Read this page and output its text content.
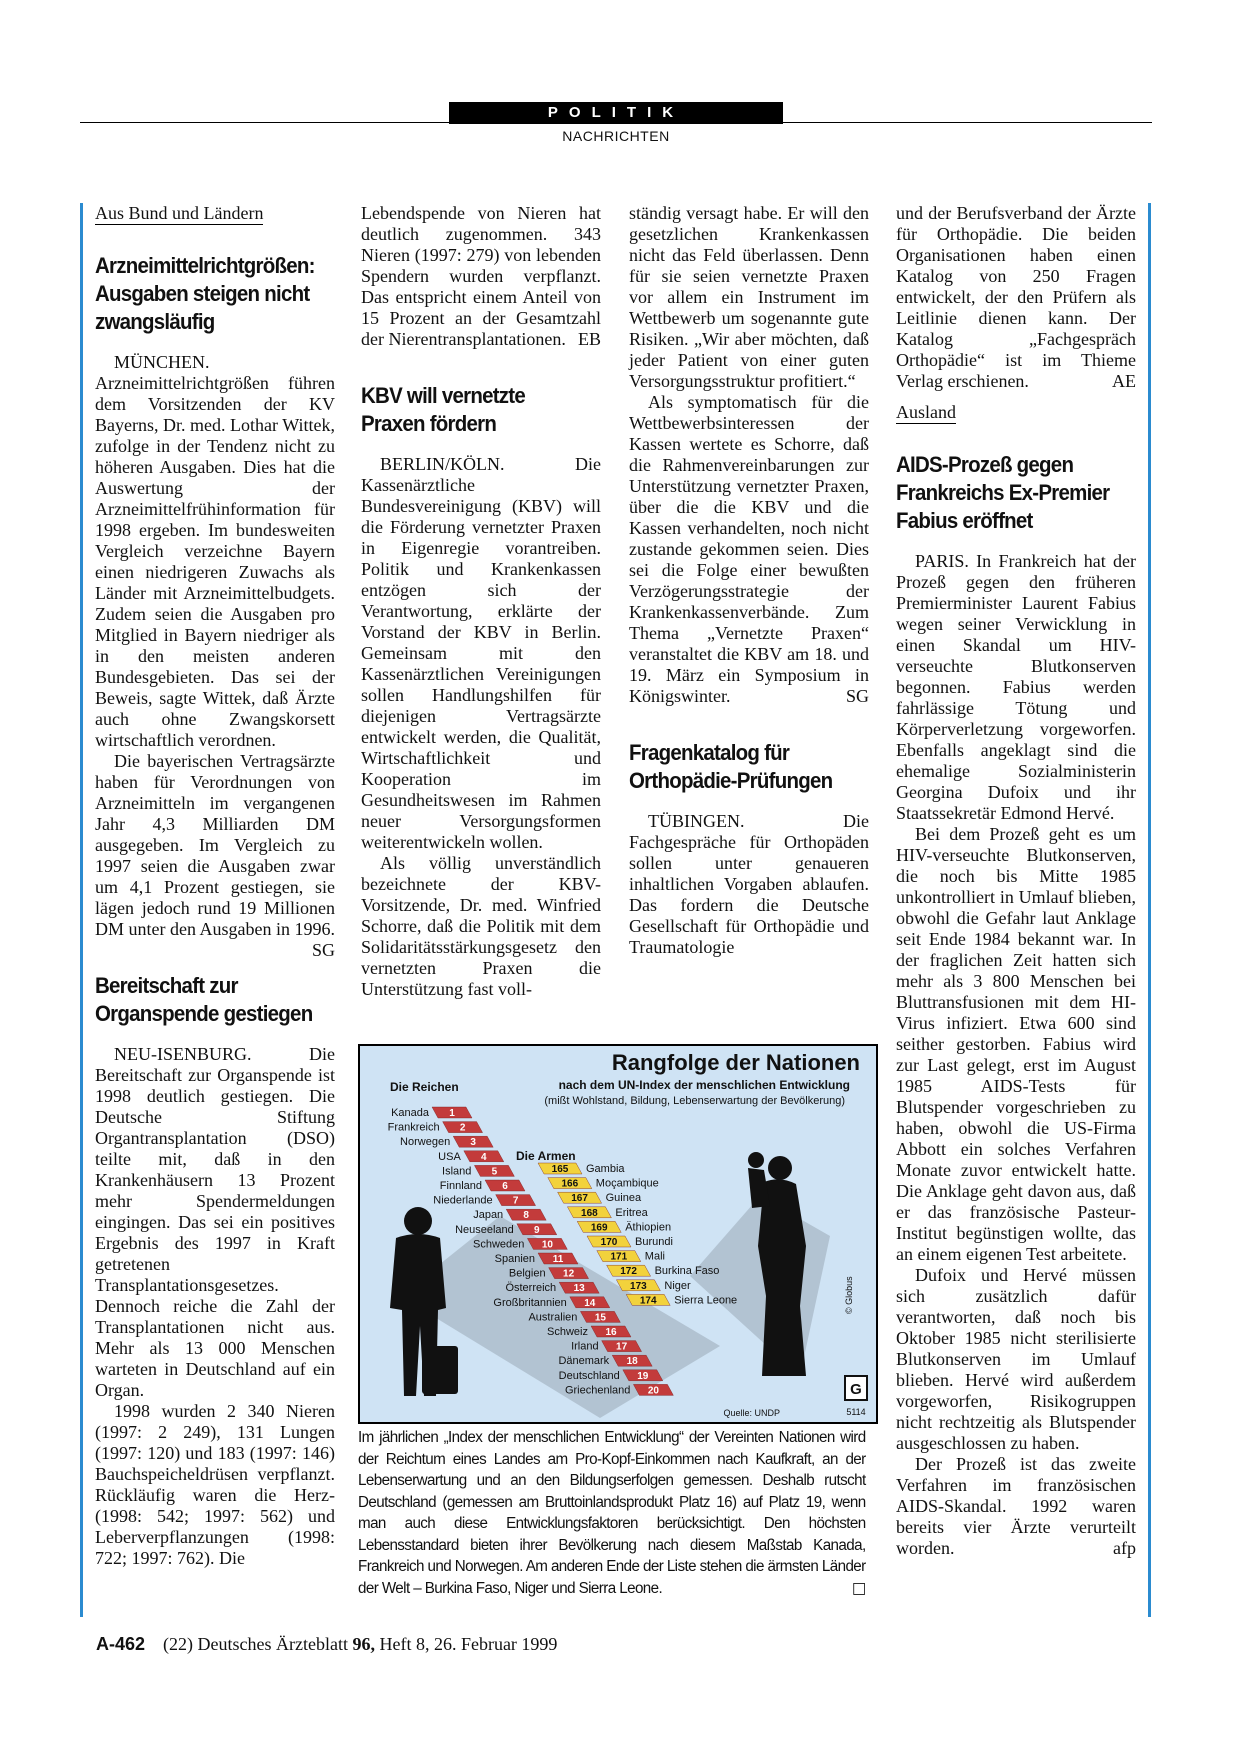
POLITIK
NACHRICHTEN
Aus Bund und Ländern
Arzneimittelrichtgrößen: Ausgaben steigen nicht zwangsläufig

MÜNCHEN. Arzneimittelrichtgrößen führen dem Vorsitzenden der KV Bayerns, Dr. med. Lothar Wittek, zufolge in der Tendenz nicht zu höheren Ausgaben. Dies hat die Auswertung der Arzneimittelfrühinformation für 1998 ergeben. Im bundesweiten Vergleich verzeichne Bayern einen niedrigeren Zuwachs als Länder mit Arzneimittelbudgets. Zudem seien die Ausgaben pro Mitglied in Bayern niedriger als in den meisten anderen Bundesgebieten. Das sei der Beweis, sagte Wittek, daß Ärzte auch ohne Zwangskorsett wirtschaftlich verordnen.

Die bayerischen Vertragsärzte haben für Verordnungen von Arzneimitteln im vergangenen Jahr 4,3 Milliarden DM ausgegeben. Im Vergleich zu 1997 seien die Ausgaben zwar um 4,1 Prozent gestiegen, sie lägen jedoch rund 19 Millionen DM unter den Ausgaben in 1996.
SG

Bereitschaft zur Organspende gestiegen

NEU-ISENBURG. Die Bereitschaft zur Organspende ist 1998 deutlich gestiegen. Die Deutsche Stiftung Organtransplantation (DSO) teilte mit, daß in den Krankenhäusern 13 Prozent mehr Spendermeldungen eingingen. Das sei ein positives Ergebnis des 1997 in Kraft getretenen Transplantationsgesetzes. Dennoch reiche die Zahl der Transplantationen nicht aus. Mehr als 13 000 Menschen warteten in Deutschland auf ein Organ.

1998 wurden 2 340 Nieren (1997: 2 249), 131 Lungen (1997: 120) und 183 (1997: 146) Bauchspeicheldrüsen verpflanzt. Rückläufig waren die Herz- (1998: 542; 1997: 562) und Leberverpflanzungen (1998: 722; 1997: 762). Die

Lebendspende von Nieren hat deutlich zugenommen. 343 Nieren (1997: 279) von lebenden Spendern wurden verpflanzt. Das entspricht einem Anteil von 15 Prozent an der Gesamtzahl der Nierentransplantationen. EB

KBV will vernetzte Praxen fördern

BERLIN/KÖLN. Die Kassenärztliche Bundesvereinigung (KBV) will die Förderung vernetzter Praxen in Eigenregie vorantreiben. Politik und Krankenkassen entzögen sich der Verantwortung, erklärte der Vorstand der KBV in Berlin. Gemeinsam mit den Kassenärztlichen Vereinigungen sollen Handlungshilfen für diejenigen Vertragsärzte entwickelt werden, die Qualität, Wirtschaftlichkeit und Kooperation im Gesundheitswesen im Rahmen neuer Versorgungsformen weiterentwickeln wollen.

Als völlig unverständlich bezeichnete der KBV-Vorsitzende, Dr. med. Winfried Schorre, daß die Politik mit dem Solidaritätsstärkungsgesetz den vernetzten Praxen die Unterstützung fast voll-

ständig versagt habe. Er will den gesetzlichen Krankenkassen nicht das Feld überlassen. Denn für sie seien vernetzte Praxen vor allem ein Instrument im Wettbewerb um sogenannte gute Risiken. „Wir aber möchten, daß jeder Patient von einer guten Versorgungsstruktur profitiert.“

Als symptomatisch für die Wettbewerbsinteressen der Kassen wertete es Schorre, daß die Rahmenvereinbarungen zur Unterstützung vernetzter Praxen, über die die KBV und die Kassen verhandelten, noch nicht zustande gekommen seien. Dies sei die Folge einer bewußten Verzögerungsstrategie der Krankenkassenverbände. Zum Thema „Vernetzte Praxen“ veranstaltet die KBV am 18. und 19. März ein Symposium in Königswinter.	SG

Fragenkatalog für Orthopädie-Prüfungen

TÜBINGEN. Die Fachgespräche für Orthopäden sollen unter genaueren inhaltlichen Vorgaben ablaufen. Das fordern die Deutsche Gesellschaft für Orthopädie und Traumatologie

und der Berufsverband der Ärzte für Orthopädie. Die beiden Organisationen haben einen Katalog von 250 Fragen entwickelt, der den Prüfern als Leitlinie dienen kann. Der Katalog „Fachgespräch Orthopädie“ ist im Thieme Verlag erschienen.	AE

Ausland
AIDS-Prozeß gegen Frankreichs Ex-Premier Fabius eröffnet

PARIS. In Frankreich hat der Prozeß gegen den früheren Premierminister Laurent Fabius wegen seiner Verwicklung in einen Skandal um HIV-verseuchte Blutkonserven begonnen. Fabius werden fahrlässige Tötung und Körperverletzung vorgeworfen. Ebenfalls angeklagt sind die ehemalige Sozialministerin Georgina Dufoix und ihr Staatssekretär Edmond Hervé.

Bei dem Prozeß geht es um HIV-verseuchte Blutkonserven, die noch bis Mitte 1985 unkontrolliert in Umlauf blieben, obwohl die Gefahr laut Anklage seit Ende 1984 bekannt war. In der fraglichen Zeit hatten sich mehr als 3 800 Menschen bei Bluttransfusionen mit dem HI-Virus infiziert. Etwa 600 sind seither gestorben. Fabius wird zur Last gelegt, erst im August 1985 AIDS-Tests für Blutspender vorgeschrieben zu haben, obwohl die US-Firma Abbott ein solches Verfahren Monate zuvor entwickelt hatte. Die Anklage geht davon aus, daß er das französische Pasteur-Institut begünstigen wollte, das an einem eigenen Test arbeitete.

Dufoix und Hervé müssen sich zusätzlich dafür verantworten, daß noch bis Oktober 1985 nicht sterilisierte Blutkonserven im Umlauf blieben. Hervé wird außerdem vorgeworfen, Risikogruppen nicht rechtzeitig als Blutspender ausgeschlossen zu haben.

Der Prozeß ist das zweite Verfahren im französischen AIDS-Skandal. 1992 waren bereits vier Ärzte verurteilt worden.	afp

1
Kanada
2
Frankreich
3
Norwegen
4
USA
5
Island
6
Finnland
7
Niederlande
8
Japan
9
Neuseeland
10
Schweden
11
Spanien
12
Belgien
13
Österreich
14
Großbritannien
15
Australien
16
Schweiz
17
Irland
18
Dänemark
19
Deutschland
20
Griechenland
165 Gambia
166 Moçambique
167 Guinea
168 Eritrea
169 Äthiopien
170 Burundi
171 Mali
172 Burkina Faso
173 Niger
174 Sierra Leone
Rangfolge der Nationen
nach dem UN-Index der menschlichen Entwicklung
(mißt Wohlstand, Bildung, Lebenserwartung der Bevölkerung)
Die Reichen
Die Armen
© Globus
Quelle: UNDP
G
5114
Im jährlichen „Index der menschlichen Entwicklung“ der Vereinten Nationen wird der Reichtum eines Landes am Pro-Kopf-Einkommen nach Kaufkraft, an der Lebenserwartung und an den Bildungserfolgen gemessen. Deshalb rutscht Deutschland (gemessen am Bruttoinlandsprodukt Platz 16) auf Platz 19, wenn man auch diese Entwicklungsfaktoren berücksichtigt. Den höchsten Lebensstandard bieten ihrer Bevölkerung nach diesem Maßstab Kanada, Frankreich und Norwegen. Am anderen Ende der Liste stehen die ärmsten Länder der Welt – Burkina Faso, Niger und Sierra Leone.	□
A-462 (22) Deutsches Ärzteblatt 96, Heft 8, 26. Februar 1999
